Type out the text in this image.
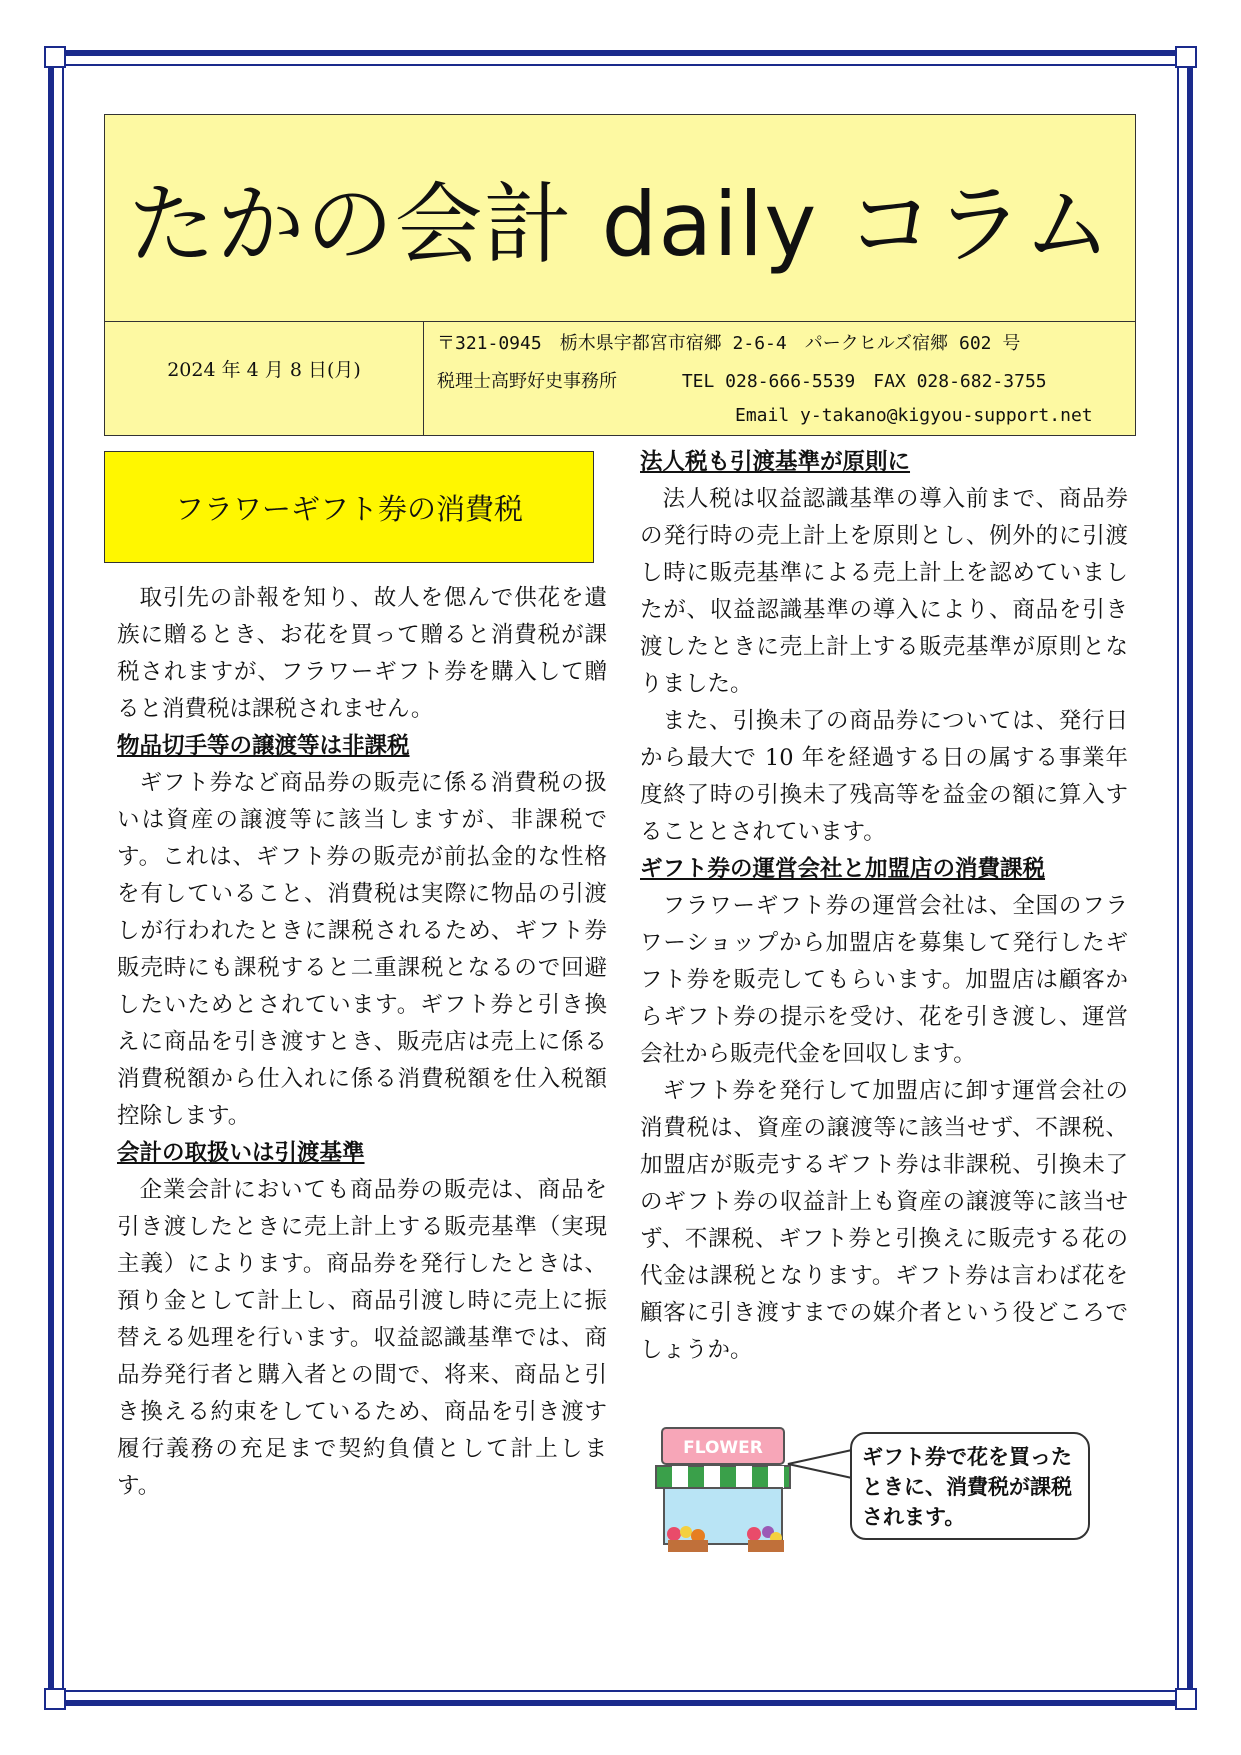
たかの会計 daily コラム
2024 年 4 月 8 日(月)
〒321-0945　栃木県宇都宮市宿郷 2-6-4　パークヒルズ宿郷 602 号
税理士高野好史事務所　　　 TEL 028-666-5539　FAX 028-682-3755
Email y-takano@kigyou-support.net
フラワーギフト券の消費税

取引先の訃報を知り、故人を偲んで供花を遺族に贈るとき、お花を買って贈ると消費税が課税されますが、フラワーギフト券を購入して贈ると消費税は課税されません。

物品切手等の譲渡等は非課税

ギフト券など商品券の販売に係る消費税の扱いは資産の譲渡等に該当しますが、非課税です。これは、ギフト券の販売が前払金的な性格を有していること、消費税は実際に物品の引渡しが行われたときに課税されるため、ギフト券販売時にも課税すると二重課税となるので回避したいためとされています。ギフト券と引き換えに商品を引き渡すとき、販売店は売上に係る消費税額から仕入れに係る消費税額を仕入税額控除します。

会計の取扱いは引渡基準

企業会計においても商品券の販売は、商品を引き渡したときに売上計上する販売基準（実現主義）によります。商品券を発行したときは、預り金として計上し、商品引渡し時に売上に振替える処理を行います。収益認識基準では、商品券発行者と購入者との間で、将来、商品と引き換える約束をしているため、商品を引き渡す履行義務の充足まで契約負債として計上します。

法人税も引渡基準が原則に

法人税は収益認識基準の導入前まで、商品券の発行時の売上計上を原則とし、例外的に引渡し時に販売基準による売上計上を認めていましたが、収益認識基準の導入により、商品を引き渡したときに売上計上する販売基準が原則となりました。

また、引換未了の商品券については、発行日から最大で 10 年を経過する日の属する事業年度終了時の引換未了残高等を益金の額に算入することとされています。

ギフト券の運営会社と加盟店の消費課税

フラワーギフト券の運営会社は、全国のフラワーショップから加盟店を募集して発行したギフト券を販売してもらいます。加盟店は顧客からギフト券の提示を受け、花を引き渡し、運営会社から販売代金を回収します。

ギフト券を発行して加盟店に卸す運営会社の消費税は、資産の譲渡等に該当せず、不課税、加盟店が販売するギフト券は非課税、引換未了のギフト券の収益計上も資産の譲渡等に該当せず、不課税、ギフト券と引換えに販売する花の代金は課税となります。ギフト券は言わば花を顧客に引き渡すまでの媒介者という役どころでしょうか。

FLOWER	ギフト券で花を買ったときに、消費税が課税されます。
